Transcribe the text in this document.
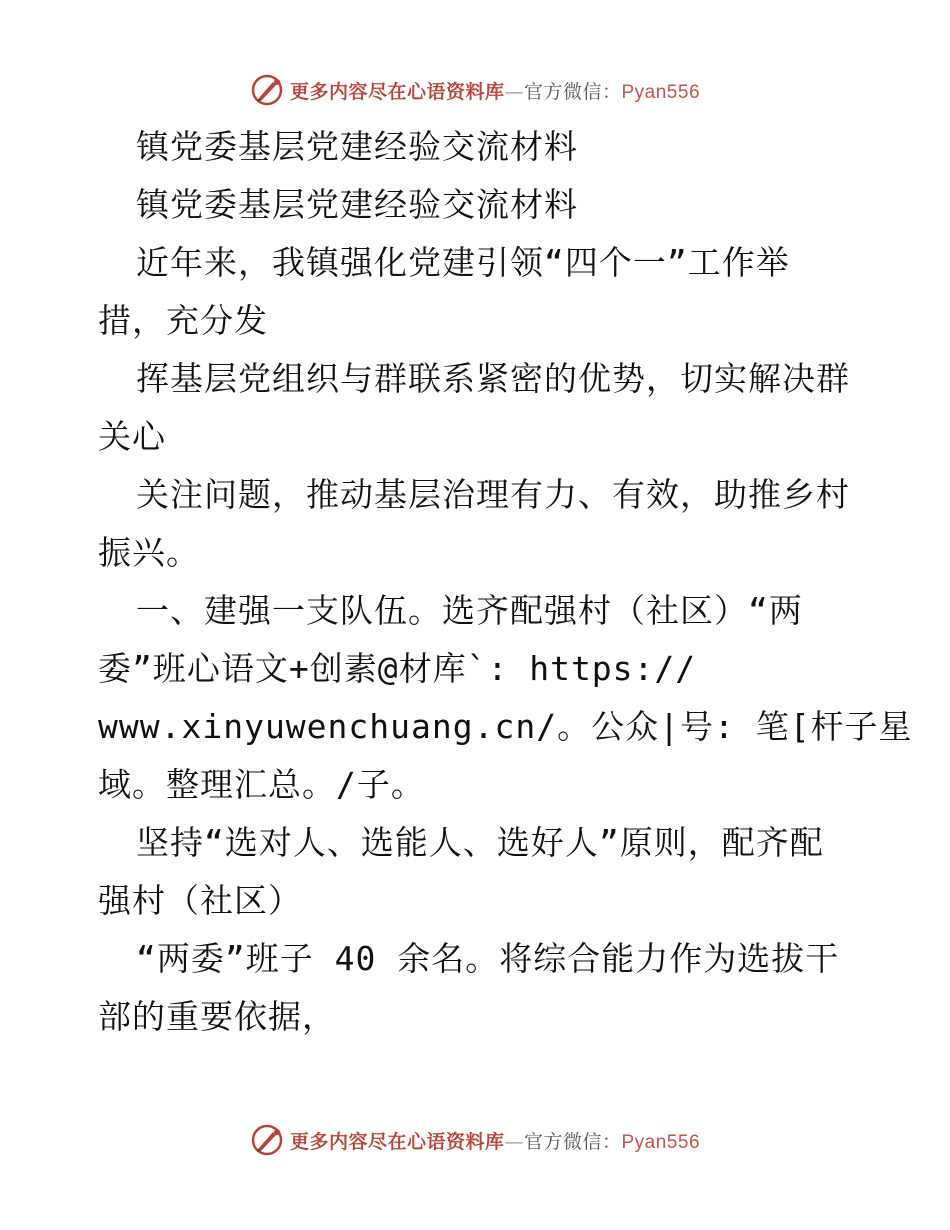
更多内容尽在心语资料库—官方微信：Pyan556
镇党委基层党建经验交流材料
镇党委基层党建经验交流材料
近年来，我镇强化党建引领“四个一”工作举
措，充分发
挥基层党组织与群联系紧密的优势，切实解决群
关心
关注问题，推动基层治理有力、有效，助推乡村
振兴。
一、建强一支队伍。选齐配强村（社区）“两
委”班心语文+创素@材库`: https://
www.xinyuwenchuang.cn/。公众|号: 笔[杆子星
域。整理汇总。/子。
坚持“选对人、选能人、选好人”原则，配齐配
强村（社区）
“两委”班子 40 余名。将综合能力作为选拔干
部的重要依据，
更多内容尽在心语资料库—官方微信：Pyan556
